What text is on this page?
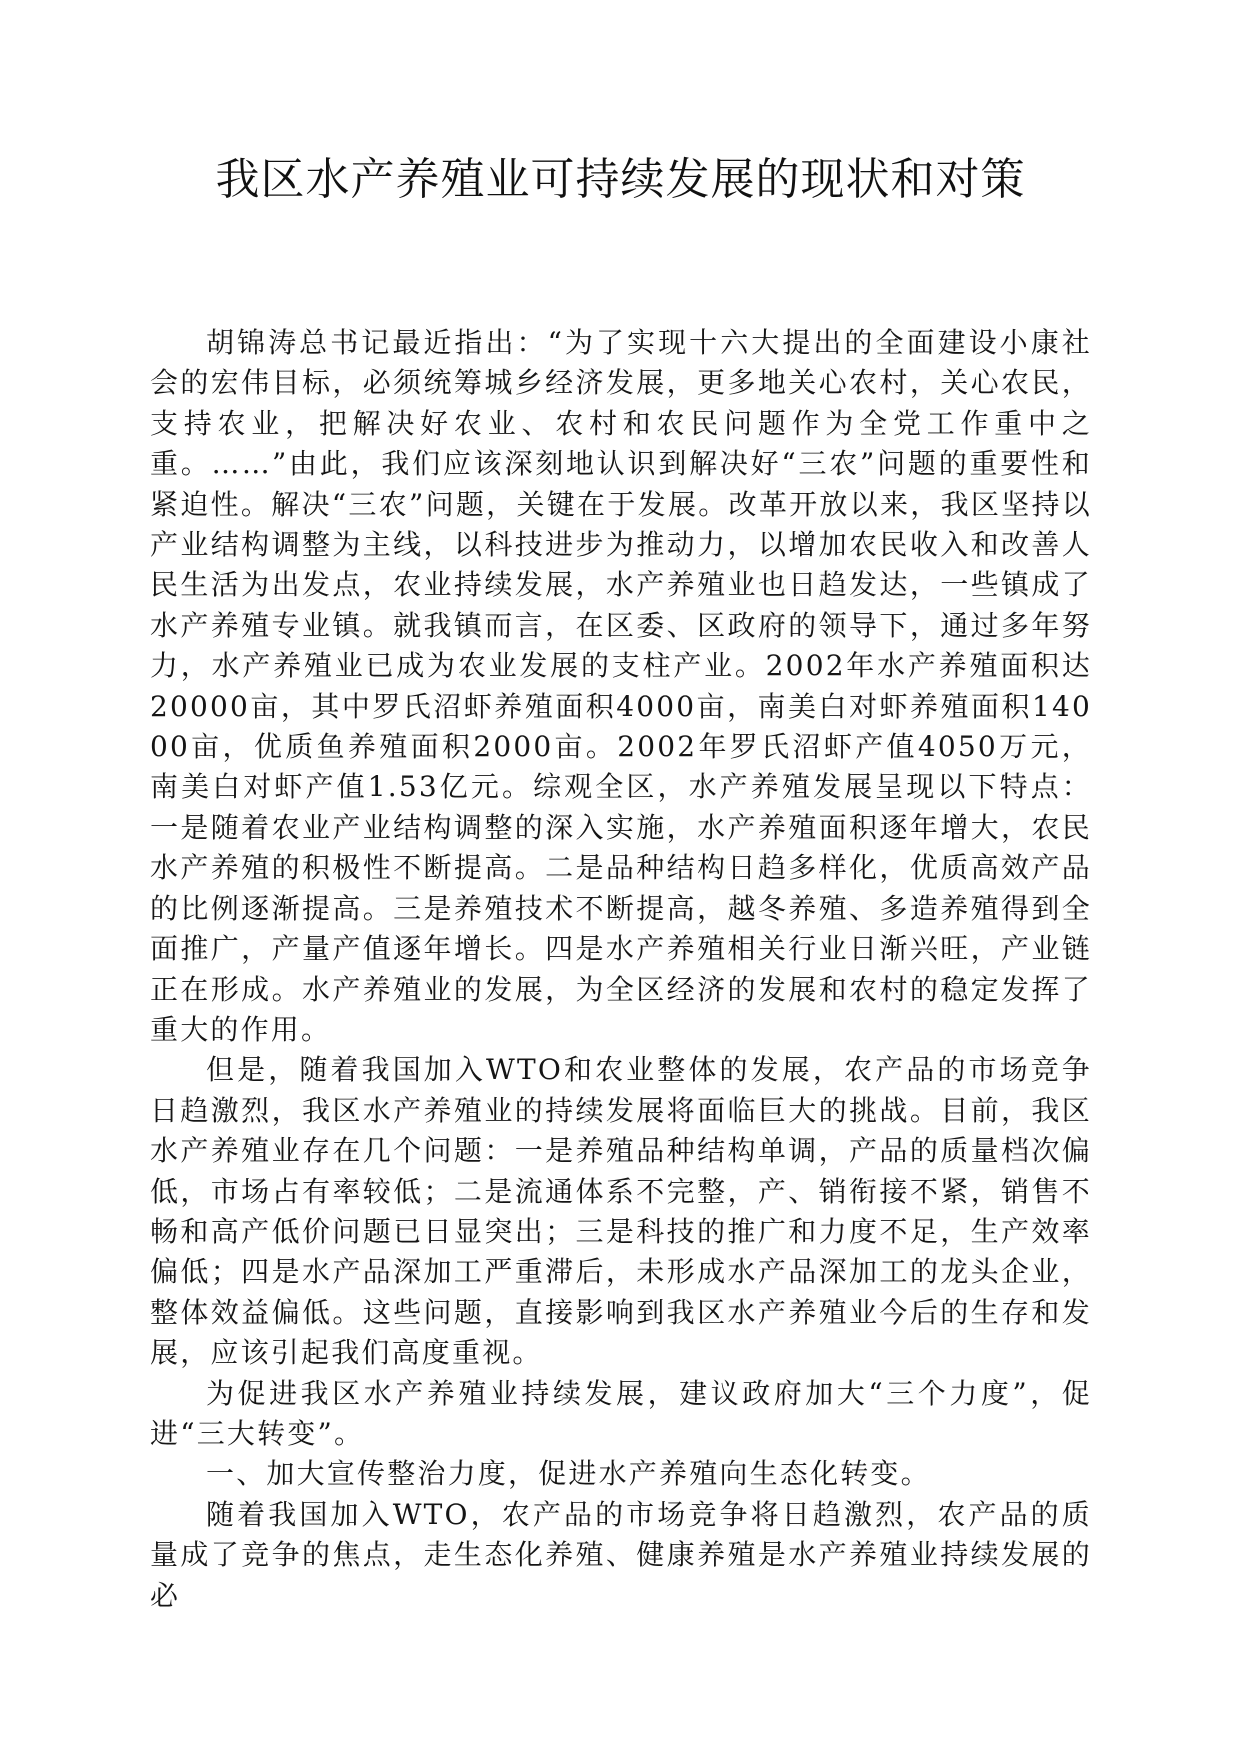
我区水产养殖业可持续发展的现状和对策

胡锦涛总书记最近指出：“为了实现十六大提出的全面建设小康社会的宏伟目标，必须统筹城乡经济发展，更多地关心农村，关心农民，支持农业，把解决好农业、农村和农民问题作为全党工作重中之重。……”由此，我们应该深刻地认识到解决好“三农”问题的重要性和紧迫性。解决“三农”问题，关键在于发展。改革开放以来，我区坚持以产业结构调整为主线，以科技进步为推动力，以增加农民收入和改善人民生活为出发点，农业持续发展，水产养殖业也日趋发达，一些镇成了水产养殖专业镇。就我镇而言，在区委、区政府的领导下，通过多年努力，水产养殖业已成为农业发展的支柱产业。2002年水产养殖面积达20000亩，其中罗氏沼虾养殖面积4000亩，南美白对虾养殖面积14000亩，优质鱼养殖面积2000亩。2002年罗氏沼虾产值4050万元，南美白对虾产值1.53亿元。综观全区，水产养殖发展呈现以下特点：一是随着农业产业结构调整的深入实施，水产养殖面积逐年增大，农民水产养殖的积极性不断提高。二是品种结构日趋多样化，优质高效产品的比例逐渐提高。三是养殖技术不断提高，越冬养殖、多造养殖得到全面推广，产量产值逐年增长。四是水产养殖相关行业日渐兴旺，产业链正在形成。水产养殖业的发展，为全区经济的发展和农村的稳定发挥了重大的作用。

但是，随着我国加入WTO和农业整体的发展，农产品的市场竞争日趋激烈，我区水产养殖业的持续发展将面临巨大的挑战。目前，我区水产养殖业存在几个问题：一是养殖品种结构单调，产品的质量档次偏低，市场占有率较低；二是流通体系不完整，产、销衔接不紧，销售不畅和高产低价问题已日显突出；三是科技的推广和力度不足，生产效率偏低；四是水产品深加工严重滞后，未形成水产品深加工的龙头企业，整体效益偏低。这些问题，直接影响到我区水产养殖业今后的生存和发展，应该引起我们高度重视。

为促进我区水产养殖业持续发展，建议政府加大“三个力度”，促进“三大转变”。

一、加大宣传整治力度，促进水产养殖向生态化转变。

随着我国加入WTO，农产品的市场竞争将日趋激烈，农产品的质量成了竞争的焦点，走生态化养殖、健康养殖是水产养殖业持续发展的必
